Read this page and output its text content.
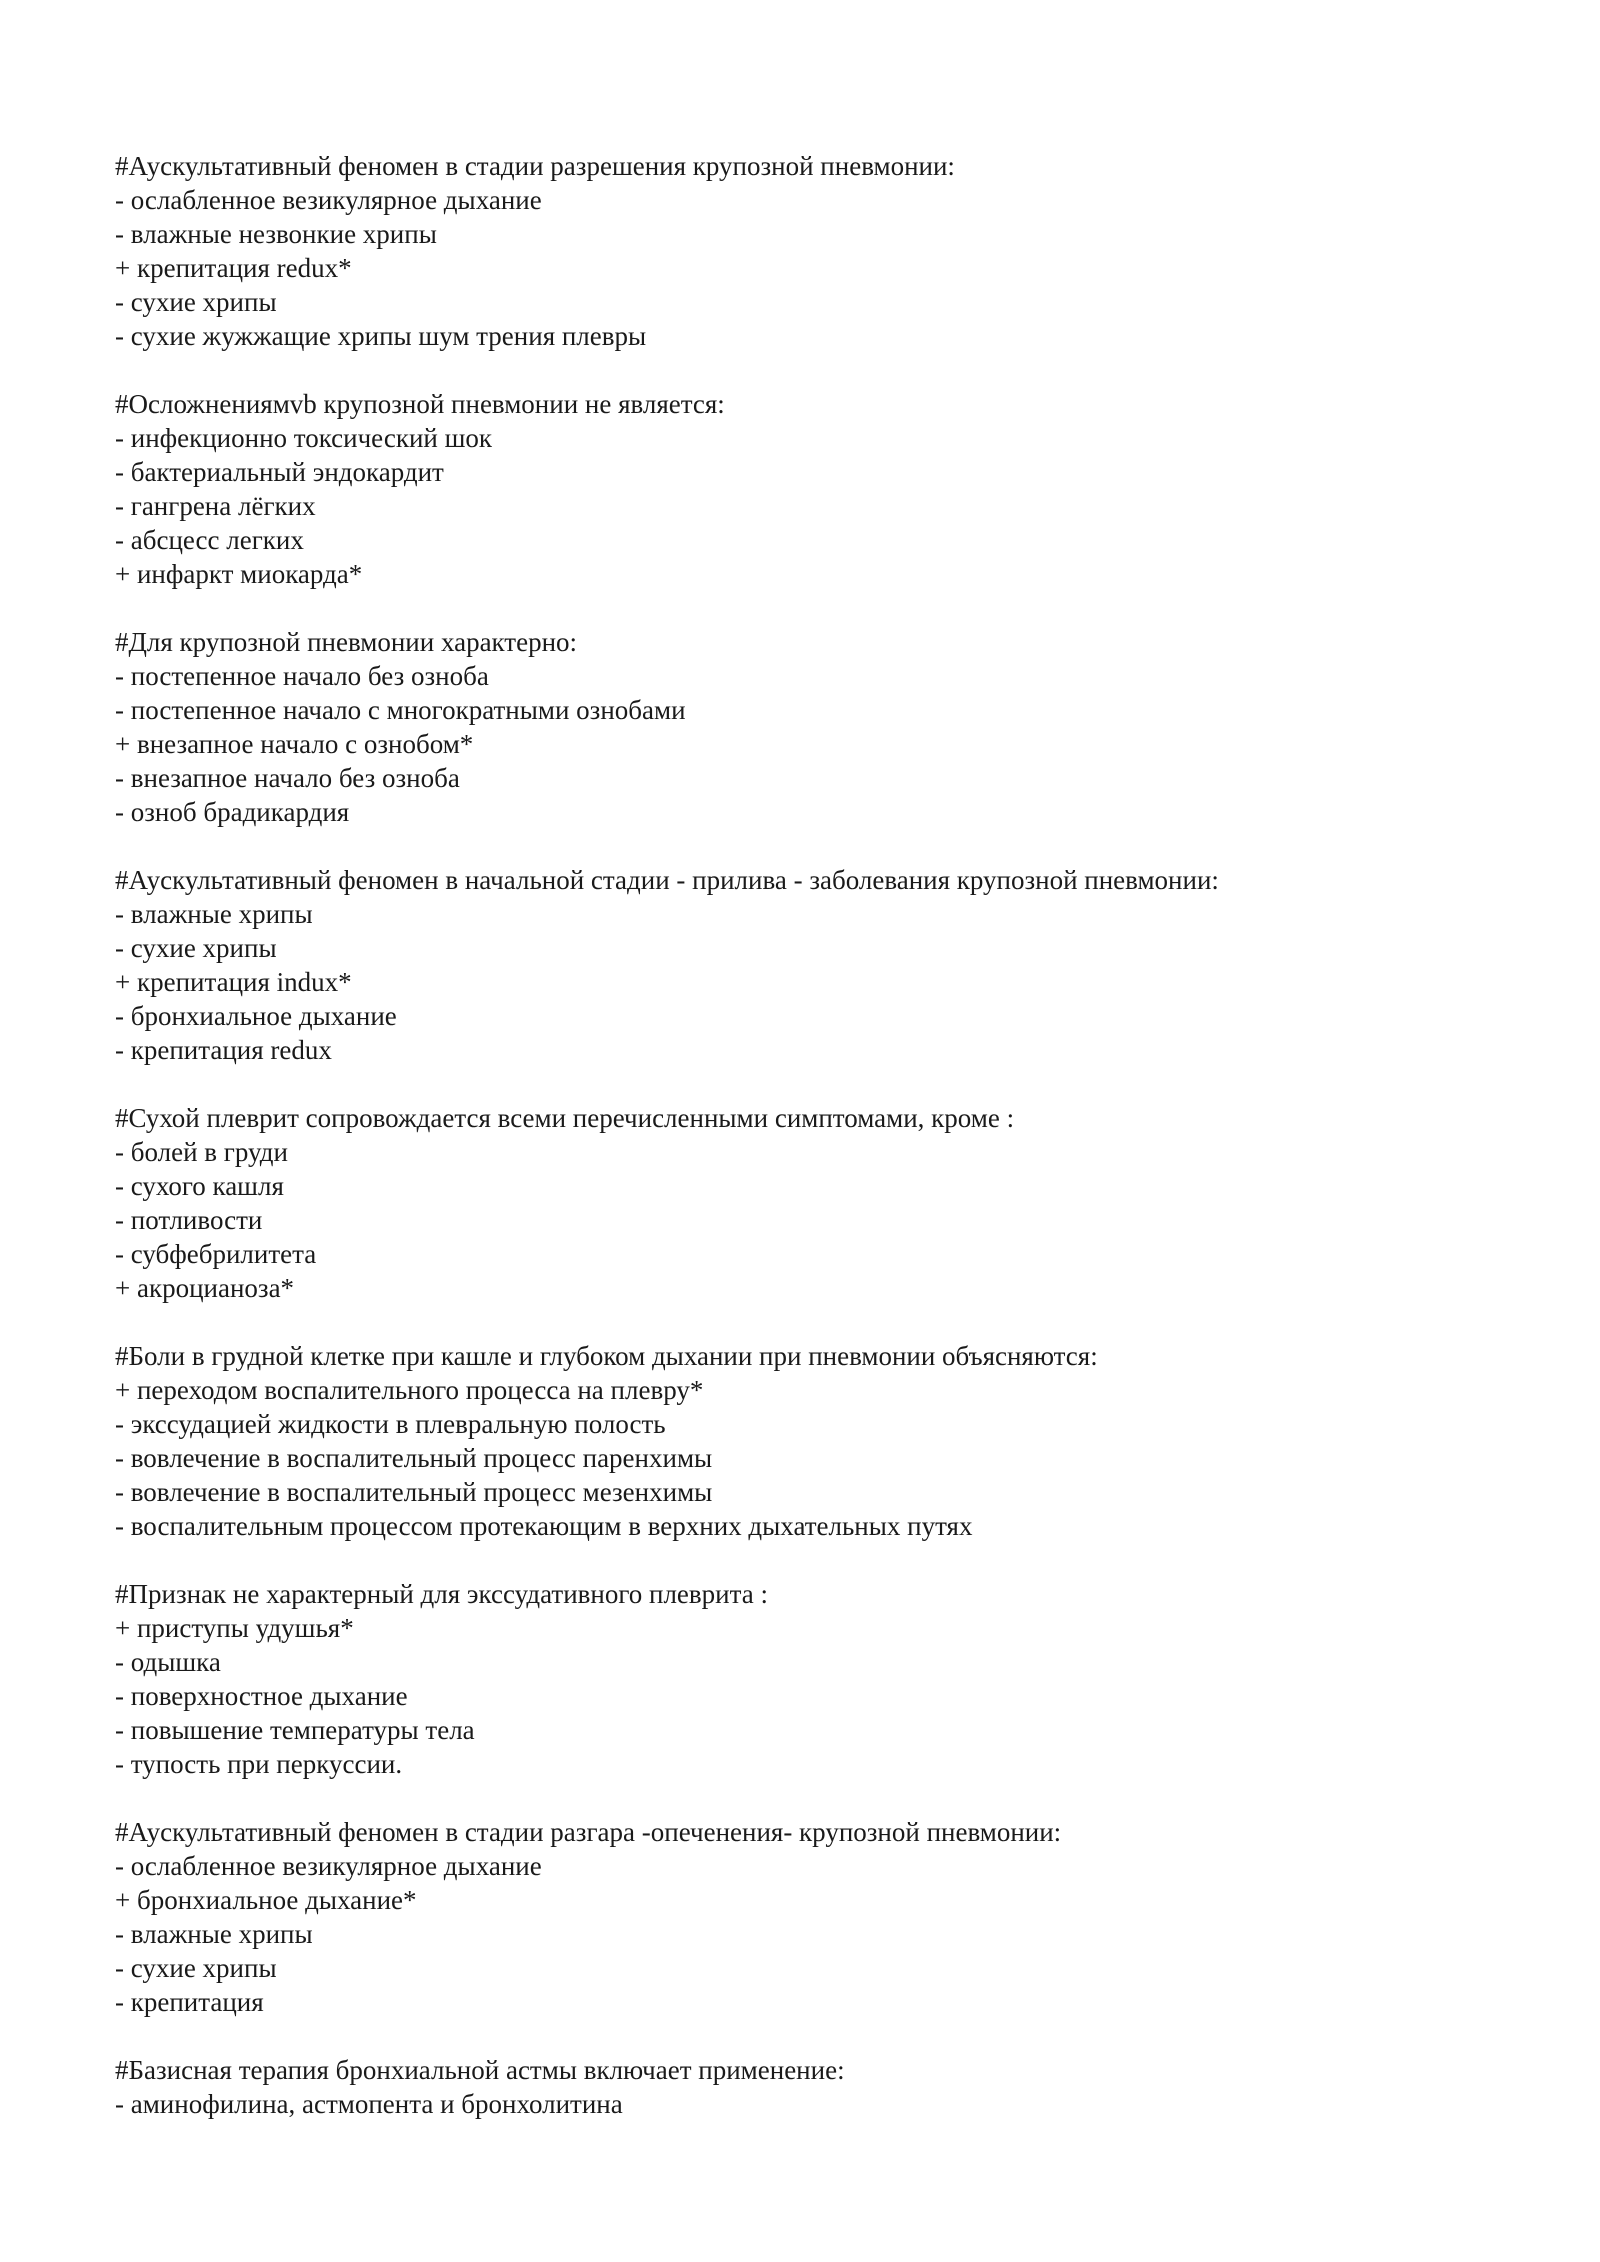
#Аускультативный феномен в стадии разрешения крупозной пневмонии:
- ослабленное везикулярное дыхание
- влажные незвонкие хрипы
+ крепитация redux*
- сухие хрипы
- сухие жужжащие хрипы шум трения плевры
#Осложнениямvb крупозной пневмонии не является:
- инфекционно токсический шок
- бактериальный эндокардит
- гангрена лёгких
- абсцесс легких
+ инфаркт миокарда*
#Для крупозной пневмонии характерно:
- постепенное начало без озноба
- постепенное начало с многократными ознобами
+ внезапное начало с ознобом*
- внезапное начало без озноба
- озноб брадикардия
#Аускультативный феномен в начальной стадии - прилива - заболевания крупозной пневмонии:
- влажные хрипы
- сухие хрипы
+ крепитация indux*
- бронхиальное дыхание
- крепитация redux
#Сухой плеврит сопровождается всеми перечисленными симптомами, кроме :
- болей в груди
- сухого кашля
- потливости
- субфебрилитета
+ акроцианоза*
#Боли в грудной клетке при кашле и глубоком дыхании при пневмонии объясняются:
+ переходом воспалительного процесса на плевру*
- экссудацией жидкости в плевральную полость
- вовлечение в воспалительный процесс паренхимы
- вовлечение в воспалительный процесс мезенхимы
- воспалительным процессом протекающим в верхних дыхательных путях
#Признак не характерный для экссудативного плеврита :
+ приступы удушья*
- одышка
- поверхностное дыхание
- повышение температуры тела
- тупость при перкуссии.
#Аускультативный феномен в стадии разгара -опеченения- крупозной пневмонии:
- ослабленное везикулярное дыхание
+ бронхиальное дыхание*
- влажные хрипы
- сухие хрипы
- крепитация
#Базисная терапия бронхиальной астмы включает применение:
- аминофилина, астмопента и бронхолитина
